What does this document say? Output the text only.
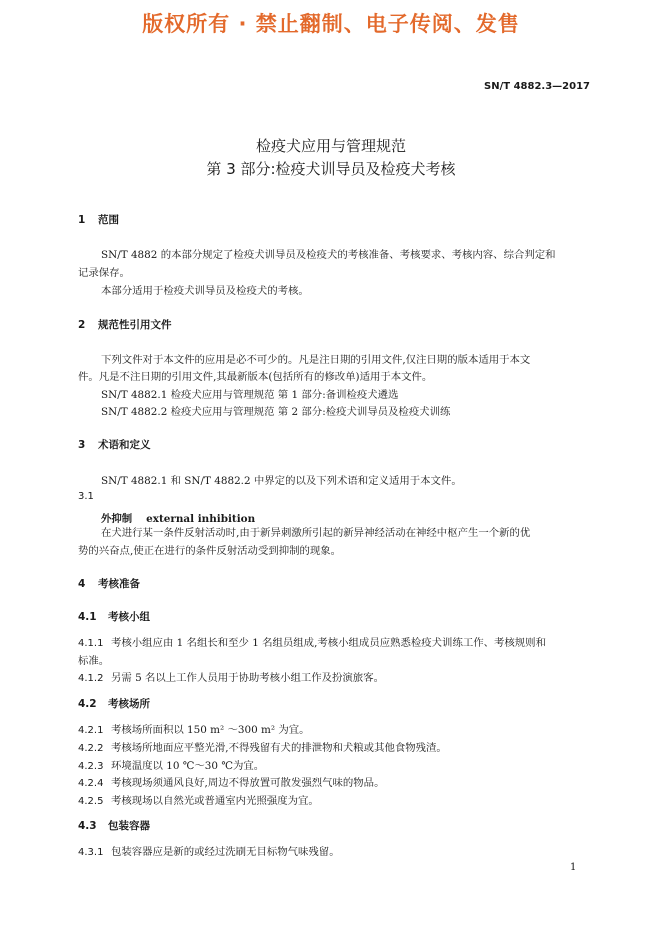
版权所有 · 禁止翻制、电子传阅、发售
SN/T 4882.3—2017
检疫犬应用与管理规范
第 3 部分:检疫犬训导员及检疫犬考核
1 范围
SN/T 4882 的本部分规定了检疫犬训导员及检疫犬的考核准备、考核要求、考核内容、综合判定和
记录保存。
本部分适用于检疫犬训导员及检疫犬的考核。
2 规范性引用文件
下列文件对于本文件的应用是必不可少的。凡是注日期的引用文件,仅注日期的版本适用于本文
件。凡是不注日期的引用文件,其最新版本(包括所有的修改单)适用于本文件。
SN/T 4882.1 检疫犬应用与管理规范 第 1 部分:备训检疫犬遴选
SN/T 4882.2 检疫犬应用与管理规范 第 2 部分:检疫犬训导员及检疫犬训练
3 术语和定义
SN/T 4882.1 和 SN/T 4882.2 中界定的以及下列术语和定义适用于本文件。
3.1
外抑制 external inhibition
在犬进行某一条件反射活动时,由于新异刺激所引起的新异神经活动在神经中枢产生一个新的优
势的兴奋点,使正在进行的条件反射活动受到抑制的现象。
4 考核准备
4.1 考核小组
4.1.1 考核小组应由 1 名组长和至少 1 名组员组成,考核小组成员应熟悉检疫犬训练工作、考核规则和
标准。
4.1.2 另需 5 名以上工作人员用于协助考核小组工作及扮演旅客。
4.2 考核场所
4.2.1 考核场所面积以 150 m² ～300 m² 为宜。
4.2.2 考核场所地面应平整光滑,不得残留有犬的排泄物和犬粮或其他食物残渣。
4.2.3 环境温度以 10 ℃～30 ℃为宜。
4.2.4 考核现场须通风良好,周边不得放置可散发强烈气味的物品。
4.2.5 考核现场以自然光或普通室内光照强度为宜。
4.3 包装容器
4.3.1 包装容器应是新的或经过洗刷无目标物气味残留。
1
